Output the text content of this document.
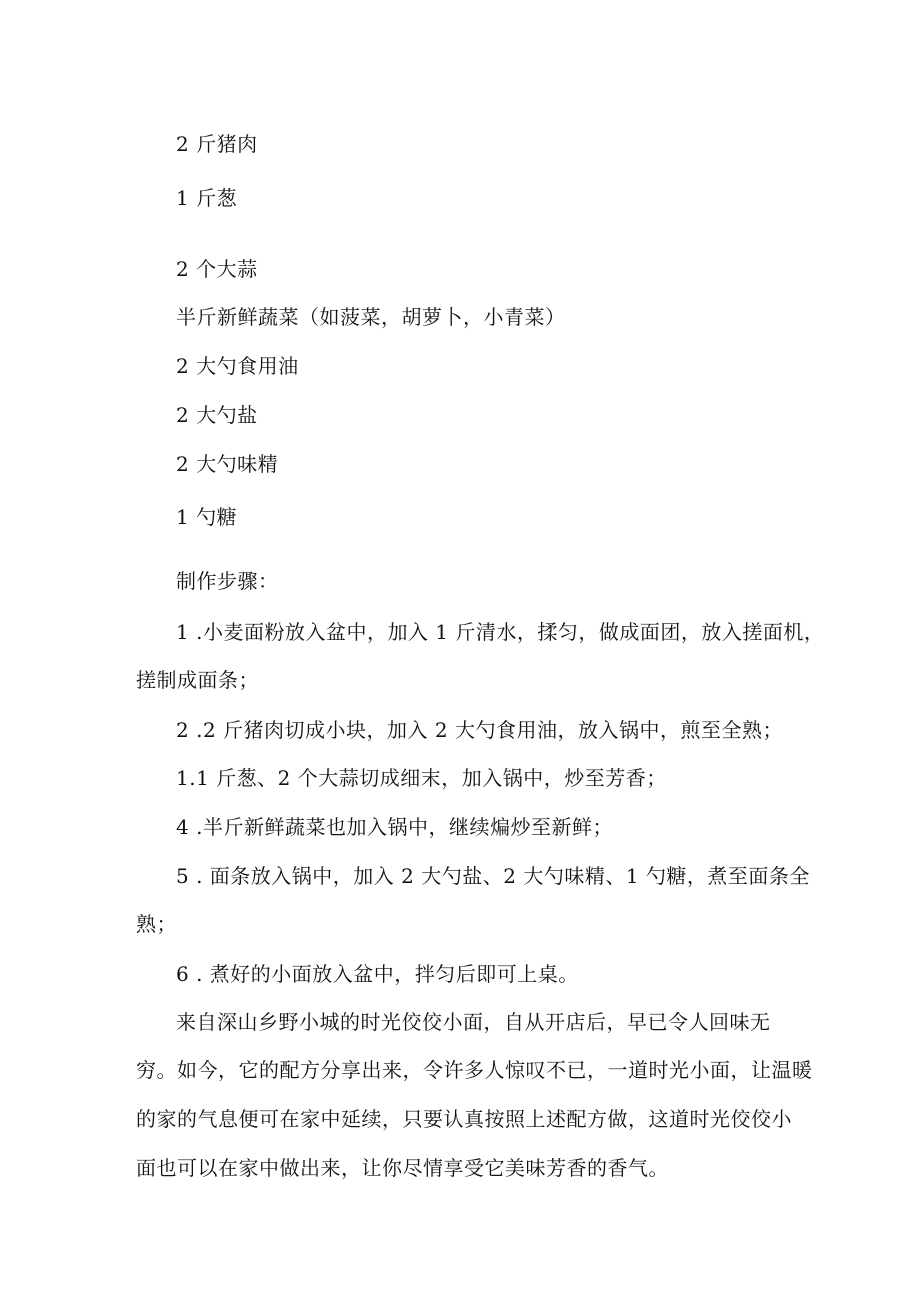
2 斤猪肉
1 斤葱
2 个大蒜
半斤新鲜蔬菜（如菠菜，胡萝卜，小青菜）
2 大勺食用油
2 大勺盐
2 大勺味精
1 勺糖
制作步骤：
1 .小麦面粉放入盆中，加入 1 斤清水，揉匀，做成面团，放入搓面机，
搓制成面条；
2 .2 斤猪肉切成小块，加入 2 大勺食用油，放入锅中，煎至全熟；
1.1 斤葱、2 个大蒜切成细末，加入锅中，炒至芳香；
4 .半斤新鲜蔬菜也加入锅中，继续煸炒至新鲜；
5 . 面条放入锅中，加入 2 大勺盐、2 大勺味精、1 勺糖，煮至面条全
熟；
6 . 煮好的小面放入盆中，拌匀后即可上桌。
来自深山乡野小城的时光佼佼小面，自从开店后，早已令人回味无
穷。如今，它的配方分享出来，令许多人惊叹不已，一道时光小面，让温暖
的家的气息便可在家中延续，只要认真按照上述配方做，这道时光佼佼小
面也可以在家中做出来，让你尽情享受它美味芳香的香气。
